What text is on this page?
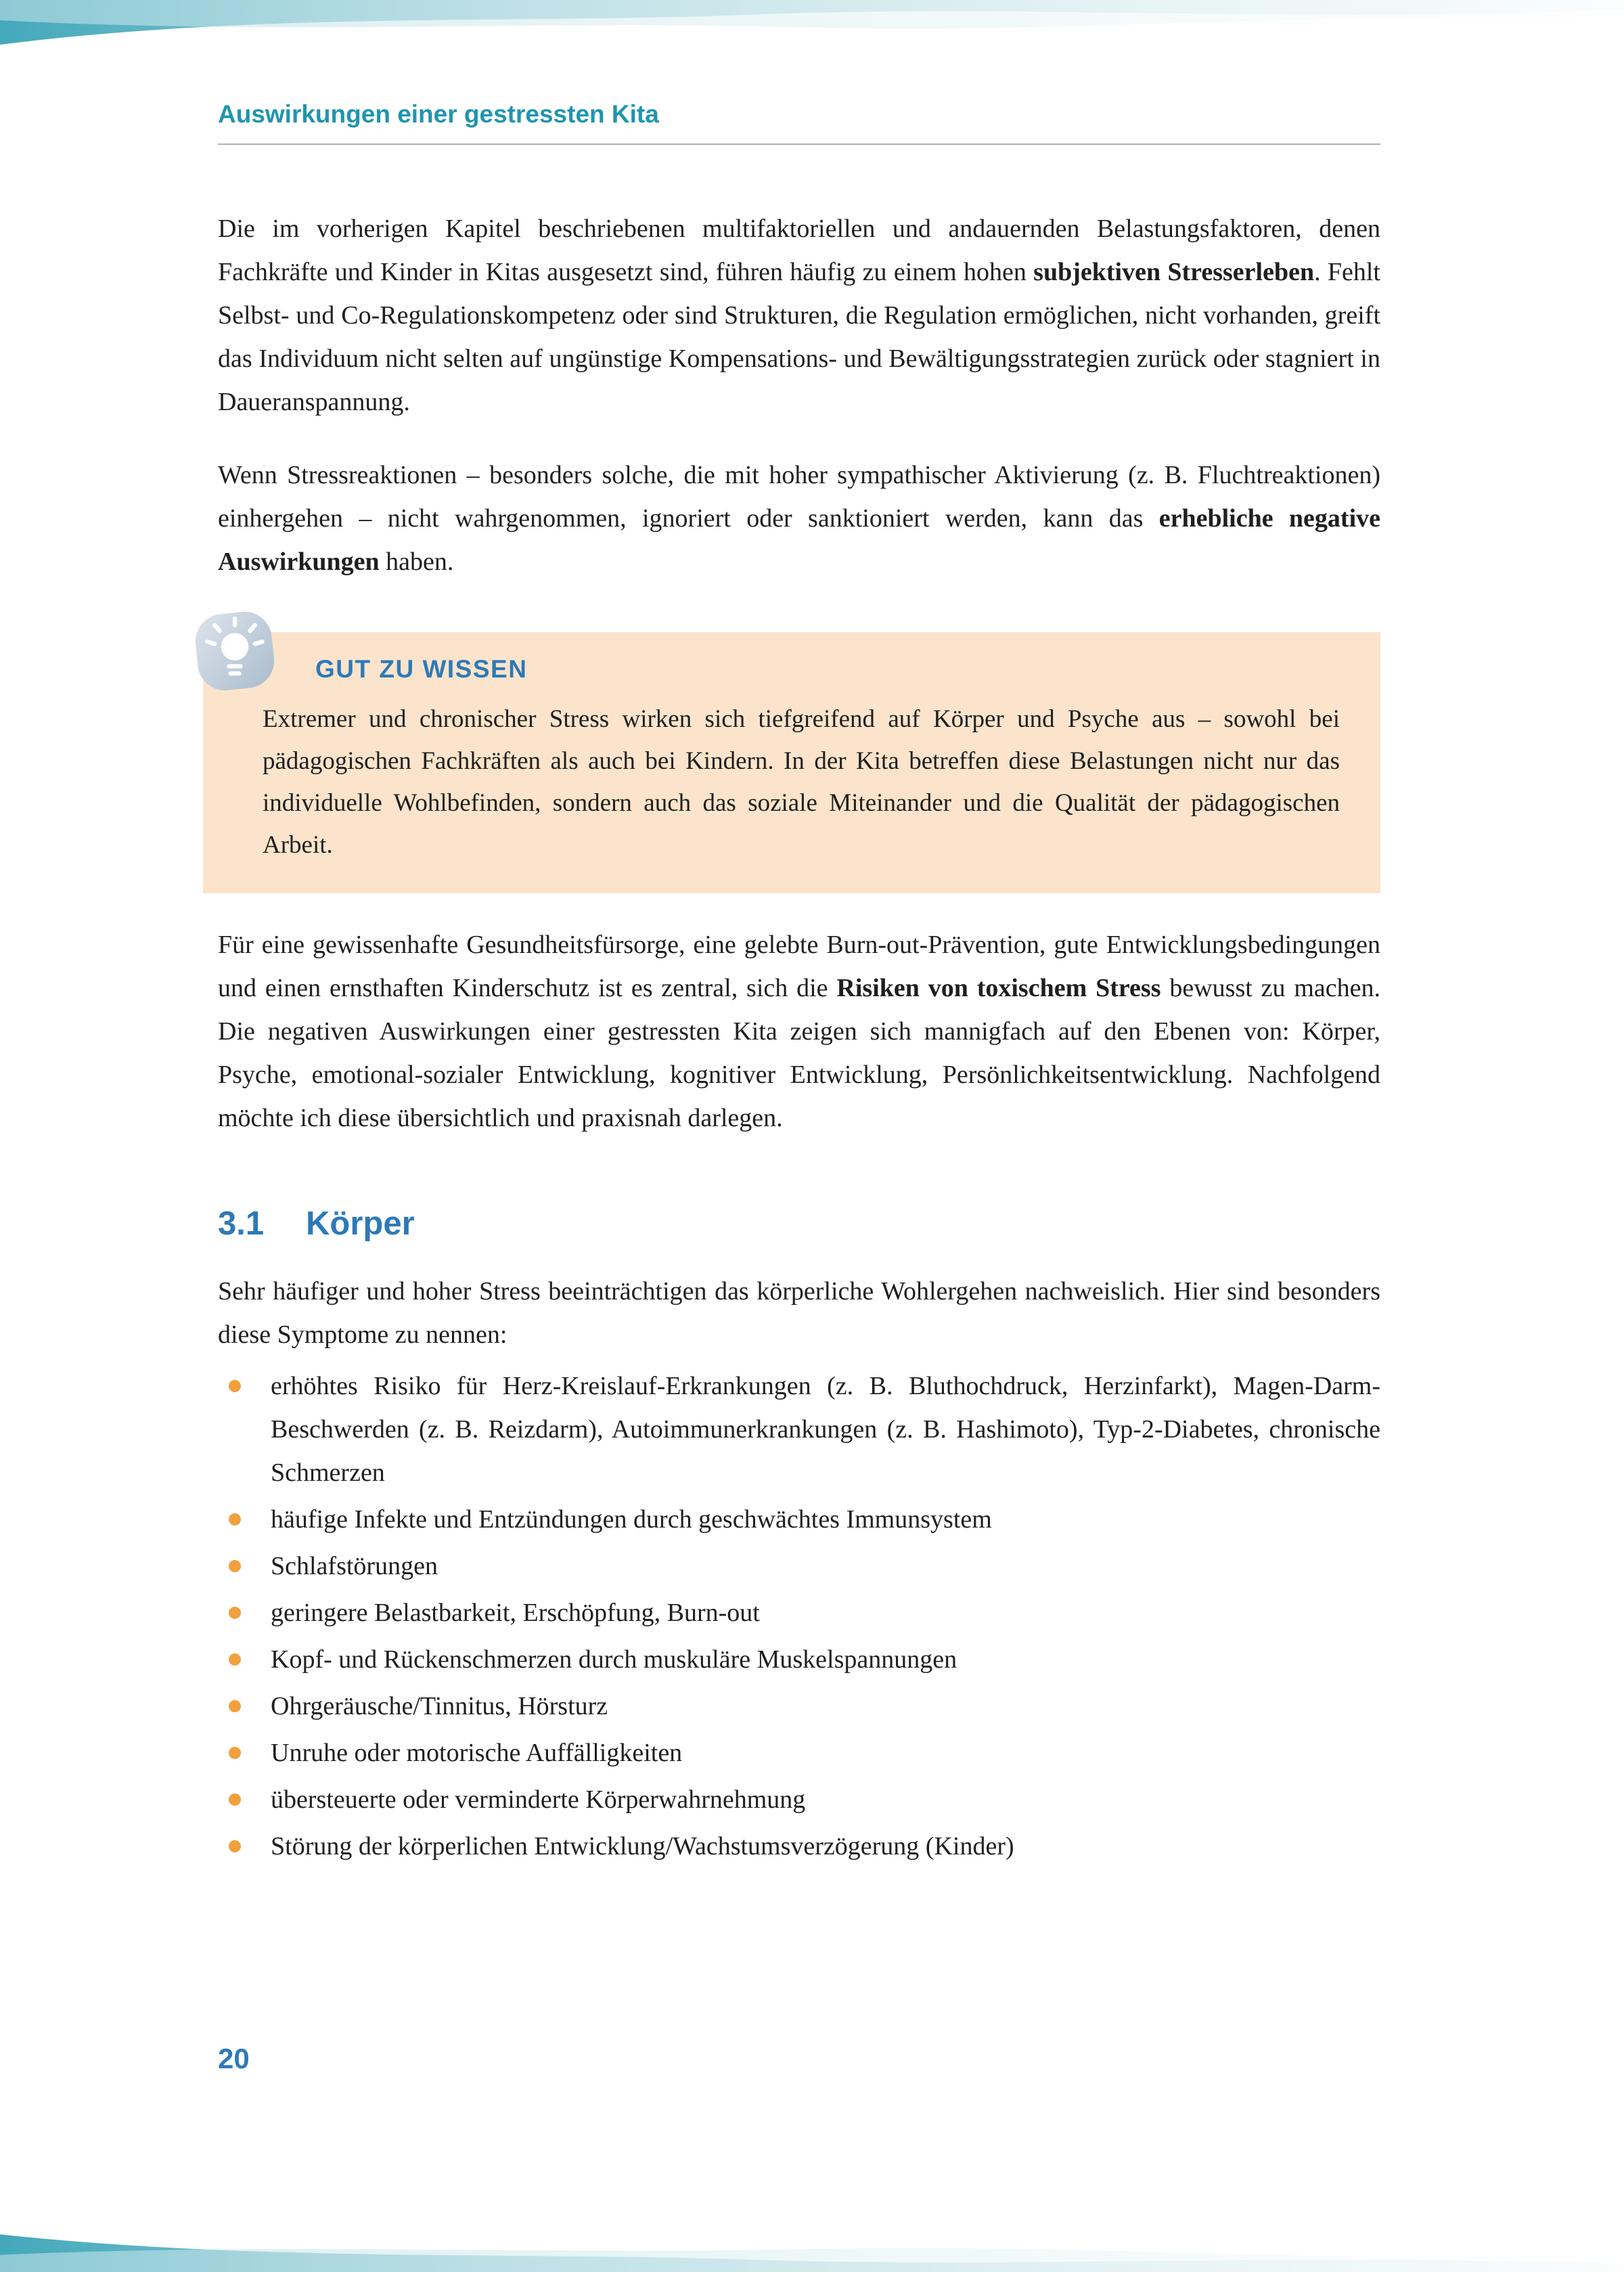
Auswirkungen einer gestressten Kita

Die im vorherigen Kapitel beschriebenen multifaktoriellen und andauernden Belastungsfaktoren, denen Fachkräfte und Kinder in Kitas ausgesetzt sind, führen häufig zu einem hohen subjektiven Stresserleben. Fehlt Selbst- und Co-Regulationskompetenz oder sind Strukturen, die Regulation ermöglichen, nicht vorhanden, greift das Individuum nicht selten auf ungünstige Kompensations- und Bewältigungsstrategien zurück oder stagniert in Daueranspannung.

Wenn Stressreaktionen – besonders solche, die mit hoher sympathischer Aktivierung (z. B. Fluchtreaktionen) einhergehen – nicht wahrgenommen, ignoriert oder sanktioniert werden, kann das erhebliche negative Auswirkungen haben.

GUT ZU WISSEN

Extremer und chronischer Stress wirken sich tiefgreifend auf Körper und Psyche aus – sowohl bei pädagogischen Fachkräften als auch bei Kindern. In der Kita betreffen diese Belastungen nicht nur das individuelle Wohlbefinden, sondern auch das soziale Miteinander und die Qualität der pädagogischen Arbeit.

Für eine gewissenhafte Gesundheitsfürsorge, eine gelebte Burn-out-Prävention, gute Entwicklungsbedingungen und einen ernsthaften Kinderschutz ist es zentral, sich die Risiken von toxischem Stress bewusst zu machen. Die negativen Auswirkungen einer gestressten Kita zeigen sich mannigfach auf den Ebenen von: Körper, Psyche, emotional-sozialer Entwicklung, kognitiver Entwicklung, Persönlichkeitsentwicklung. Nachfolgend möchte ich diese übersichtlich und praxisnah darlegen.

3.1 Körper

Sehr häufiger und hoher Stress beeinträchtigen das körperliche Wohlergehen nachweislich. Hier sind besonders diese Symptome zu nennen:

erhöhtes Risiko für Herz-Kreislauf-Erkrankungen (z. B. Bluthochdruck, Herzinfarkt), Magen-Darm-Beschwerden (z. B. Reizdarm), Autoimmunerkrankungen (z. B. Hashimoto), Typ-2-Diabetes, chronische Schmerzen
häufige Infekte und Entzündungen durch geschwächtes Immunsystem
Schlafstörungen
geringere Belastbarkeit, Erschöpfung, Burn-out
Kopf- und Rückenschmerzen durch muskuläre Muskelspannungen
Ohrgeräusche/Tinnitus, Hörsturz
Unruhe oder motorische Auffälligkeiten
übersteuerte oder verminderte Körperwahrnehmung
Störung der körperlichen Entwicklung/Wachstumsverzögerung (Kinder)
20
